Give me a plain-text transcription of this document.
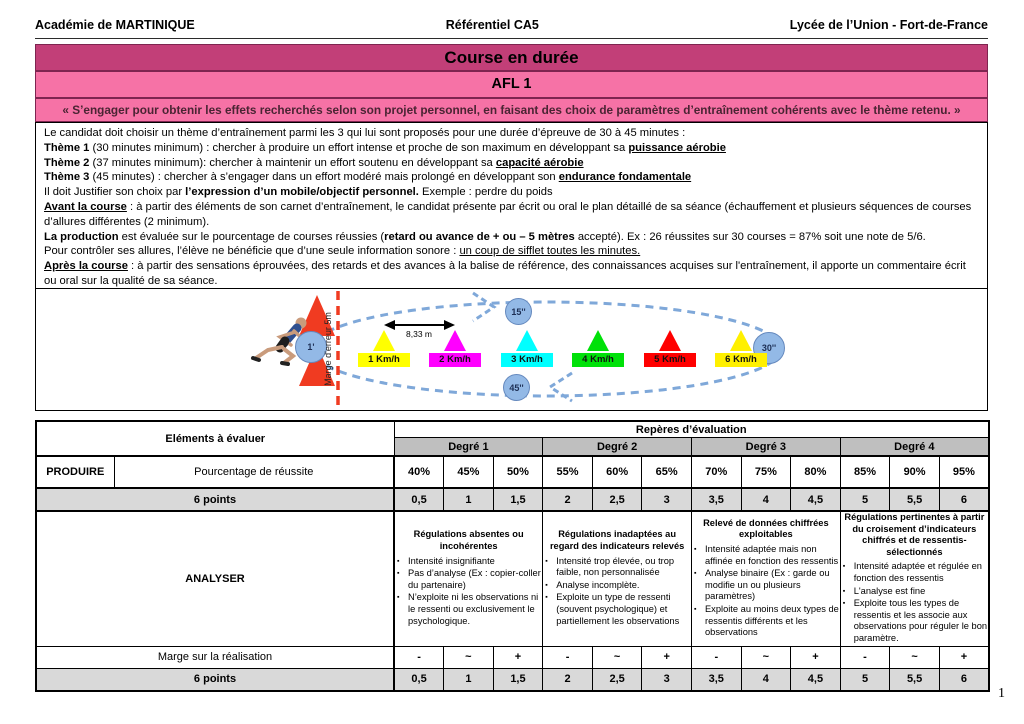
Académie de MARTINIQUE	Référentiel CA5	Lycée de l’Union - Fort-de-France
Course en durée
AFL 1
« S’engager pour obtenir les effets recherchés selon son projet personnel, en faisant des choix de paramètres d’entraînement cohérents avec le thème retenu. »
Le candidat doit choisir un thème d’entraînement parmi les 3 qui lui sont proposés pour une durée d’épreuve de 30 à 45 minutes :
Thème 1 (30 minutes minimum) : chercher à produire un effort intense et proche de son maximum en développant sa puissance aérobie
Thème 2 (37 minutes minimum): chercher à maintenir un effort soutenu en développant sa capacité aérobie
Thème 3 (45 minutes) : chercher à s’engager dans un effort modéré mais prolongé en développant son endurance fondamentale
Il doit Justifier son choix par l’expression d’un mobile/objectif personnel. Exemple : perdre du poids
Avant la course : à partir des éléments de son carnet d’entraînement, le candidat présente par écrit ou oral le plan détaillé de sa séance (échauffement et plusieurs séquences de courses d’allures différentes (2 minimum).
La production est évaluée sur le pourcentage de courses réussies (retard ou avance de + ou – 5 mètres accepté). Ex : 26 réussites sur 30 courses = 87% soit une note de 5/6.
Pour contrôler ses allures, l’élève ne bénéficie que d’une seule information sonore : un coup de sifflet toutes les minutes.
Après la course : à partir des sensations éprouvées, des retards et des avances à la balise de référence, des connaissances acquises sur l'entraînement, il apporte un commentaire écrit ou oral sur la qualité de sa séance.
1'
15''
30''
45''
Marge d'erreur 5m	8,33 m
1 Km/h	2 Km/h	3 Km/h	4 Km/h	5 Km/h	6 Km/h
Eléments à évaluer		Repères d’évaluation											
		Degré 1			Degré 2			Degré 3			Degré 4		
PRODUIRE	Pourcentage de réussite	40%	45%	50%	55%	60%	65%	70%	75%	80%	85%	90%	95%
6 points		0,5	1	1,5	2	2,5	3	3,5	4	4,5	5	5,5	6
ANALYSER	
Régulations absentes ou incohérentes
▪ Intensité insignifiante
▪ Pas d’analyse (Ex : copier-coller du partenaire)
▪ N’exploite ni les observations ni le ressenti ou exclusivement le psychologique.

Régulations inadaptées au regard des indicateurs relevés
▪ Intensité trop élevée, ou trop faible, non personnalisée
▪ Analyse incomplète.
▪ Exploite un type de ressenti (souvent psychologique) et partiellement les observations

Relevé de données chiffrées exploitables
▪ Intensité adaptée mais non affinée en fonction des ressentis
▪ Analyse binaire (Ex : garde ou modifie un ou plusieurs paramètres)
▪ Exploite au moins deux types de ressentis différents et les observations

Régulations pertinentes à partir du croisement d’indicateurs chiffrés et de ressentis-sélectionnés
▪ Intensité adaptée et régulée en fonction des ressentis
▪ L'analyse est fine
▪ Exploite tous les types de ressentis et les associe aux observations pour réguler le bon paramètre.

Marge sur la réalisation		-	~	+	-	~	+	-	~	+	-	~	+
6 points		0,5	1	1,5	2	2,5	3	3,5	4	4,5	5	5,5	6
1
